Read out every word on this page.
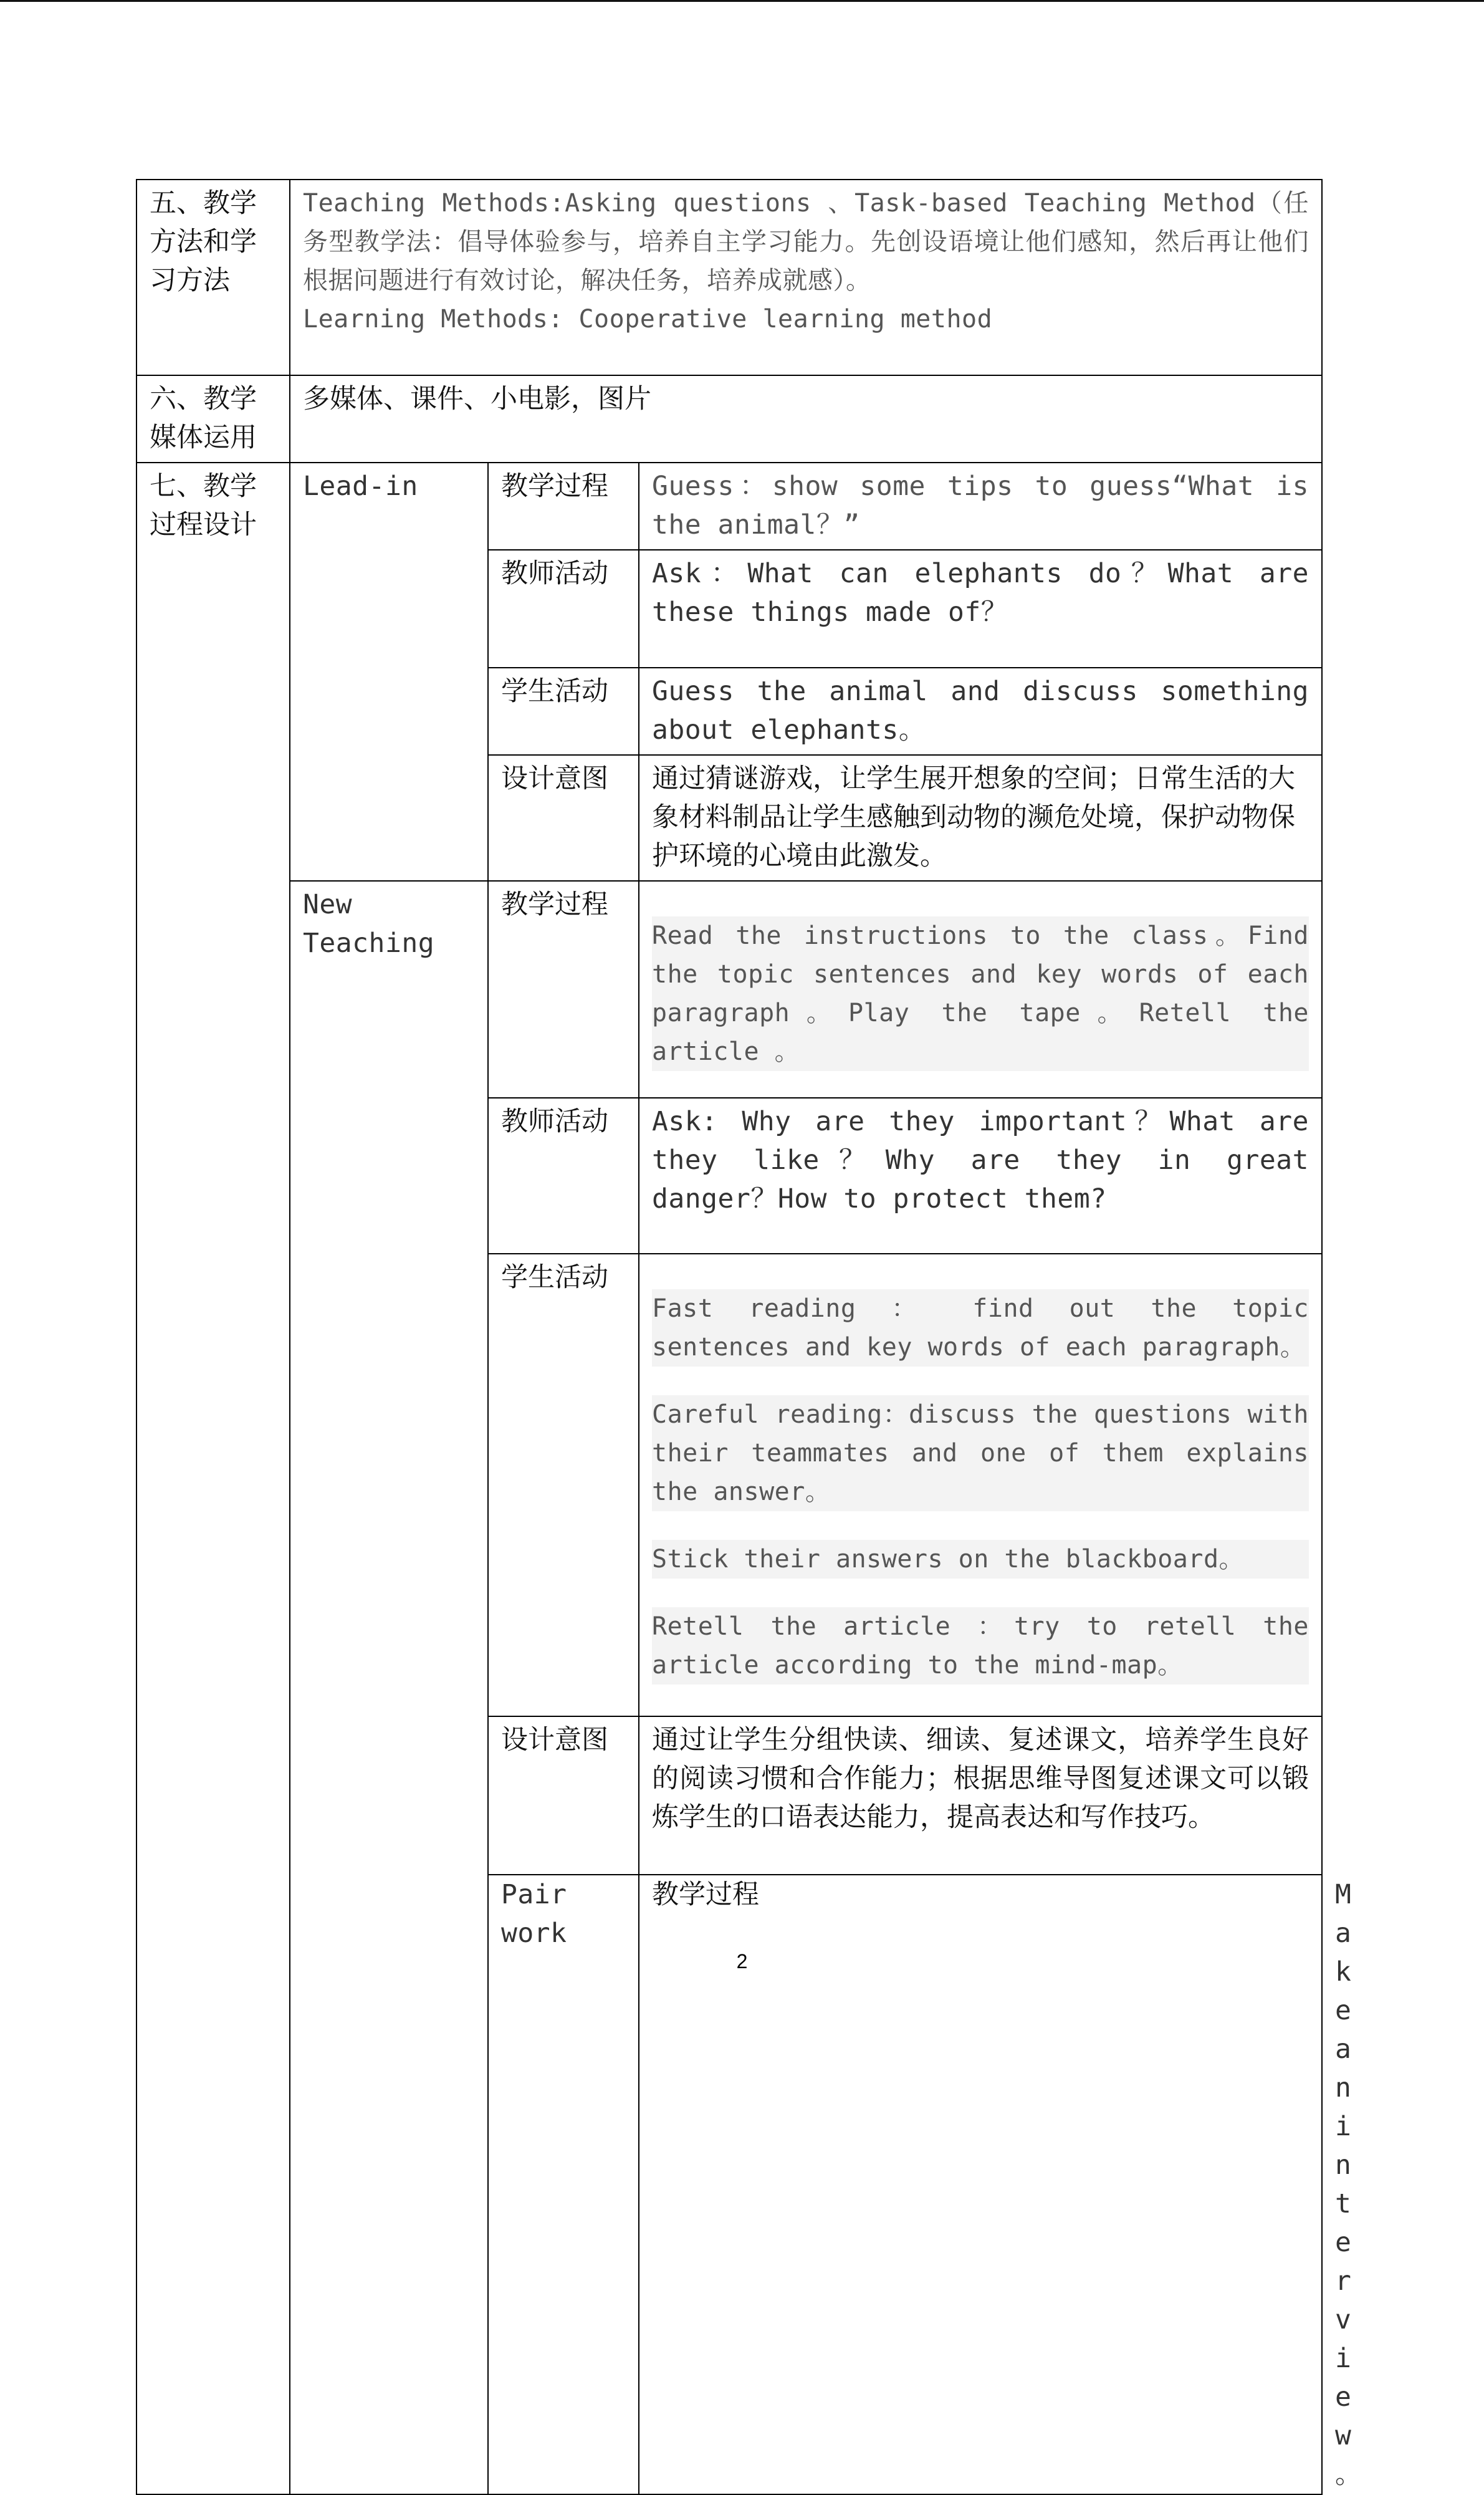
五、教学方法和学习方法	Teaching Methods:Asking questions 、Task-based Teaching Method（任务型教学法：倡导体验参与，培养自主学习能力。先创设语境让他们感知，然后再让他们根据问题进行有效讨论，解决任务，培养成就感）。
Learning Methods: Cooperative learning method			

六、教学媒体运用	多媒体、课件、小电影，图片			
七、教学过程设计	Lead-in	教学过程	Guess：show some tips to guess“What is the animal？”	
		教师活动	Ask：What can elephants do？What are these things made of？	
		学生活动	Guess the animal and discuss something about elephants。	
		设计意图	通过猜谜游戏，让学生展开想象的空间；日常生活的大象材料制品让学生感触到动物的濒危处境，保护动物保护环境的心境由此激发。	
	New Teaching	教学过程	Read the instructions to the class。Find the topic sentences and key words of each paragraph。Play the tape。Retell the article 。	

		教师活动	Ask: Why are they important？What are they like？Why are they in great danger？How to protect them?	
		学生活动	Fast reading ： find out the topic sentences and key words of each paragraph。
Careful reading：discuss the questions with their teammates and one of them explains the answer。
Stick their answers on the blackboard。
Retell the article ：try to retell the article according to the mind-map。	

		设计意图	通过让学生分组快读、细读、复述课文，培养学生良好的阅读习惯和合作能力；根据思维导图复述课文可以锻炼学生的口语表达能力，提高表达和写作技巧。	
		Pair work	教学过程	Make an interview。
2
